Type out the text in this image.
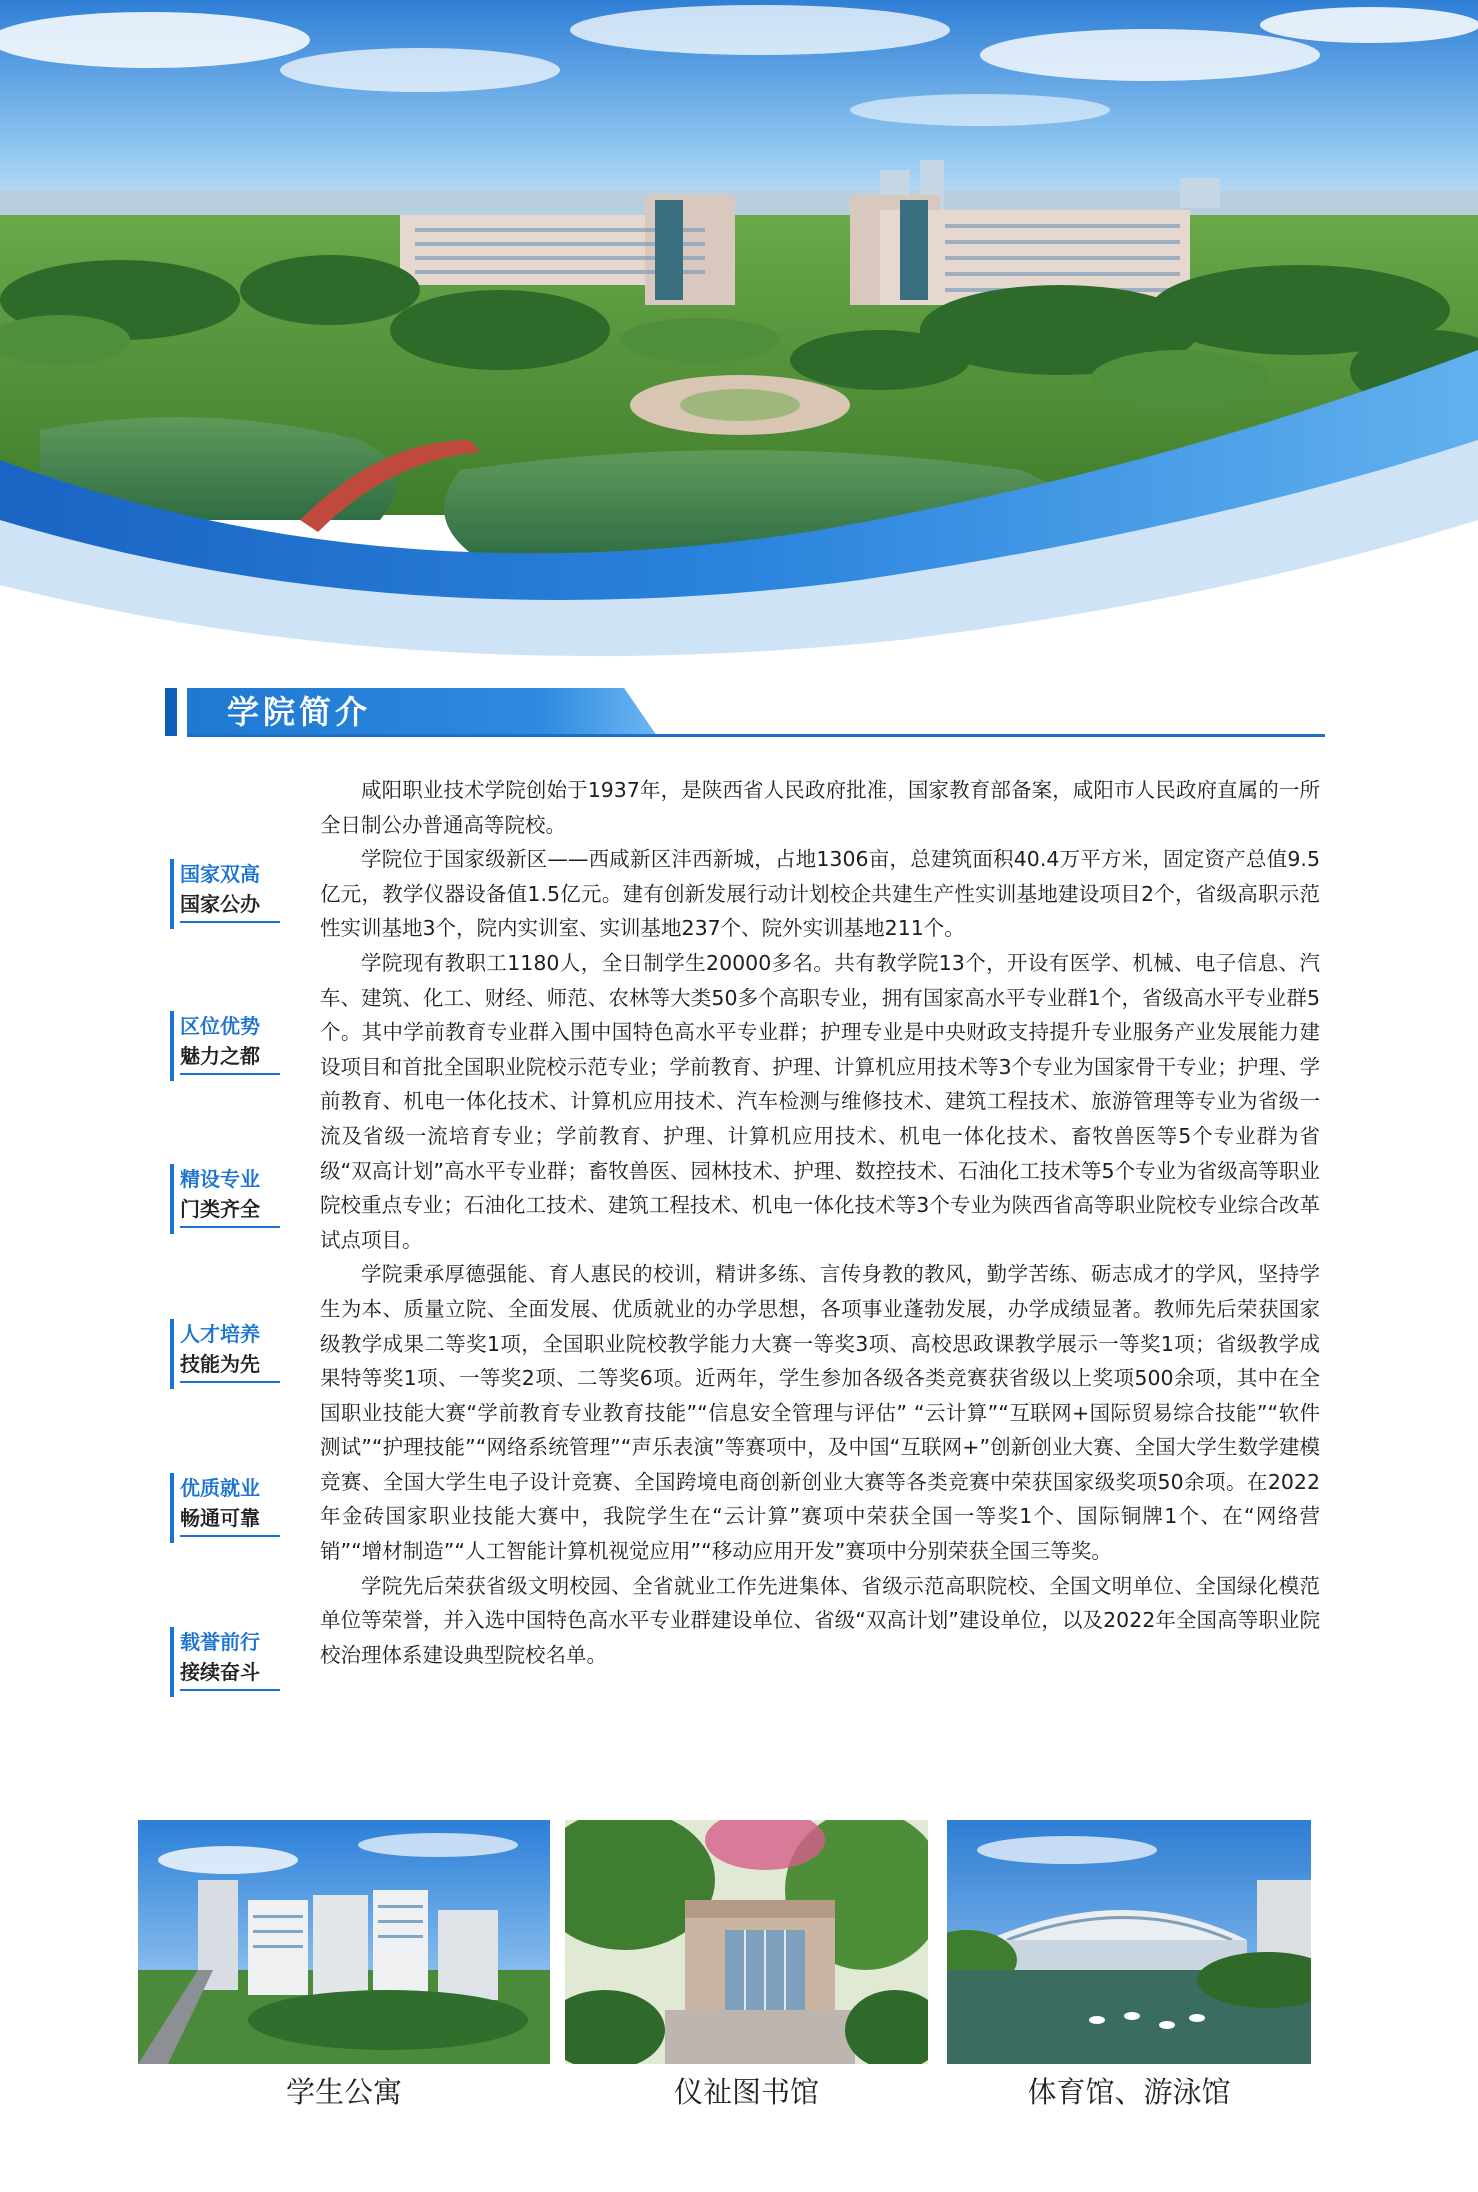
学院简介
国家双高
国家公办
区位优势
魅力之都
精设专业
门类齐全
人才培养
技能为先
优质就业
畅通可靠
载誉前行
接续奋斗

咸阳职业技术学院创始于1937年，是陕西省人民政府批准，国家教育部备案，咸阳市人民政府直属的一所全日制公办普通高等院校。

学院位于国家级新区——西咸新区沣西新城，占地1306亩，总建筑面积40.4万平方米，固定资产总值9.5亿元，教学仪器设备值1.5亿元。建有创新发展行动计划校企共建生产性实训基地建设项目2个，省级高职示范性实训基地3个，院内实训室、实训基地237个、院外实训基地211个。

学院现有教职工1180人，全日制学生20000多名。共有教学院13个，开设有医学、机械、电子信息、汽车、建筑、化工、财经、师范、农林等大类50多个高职专业，拥有国家高水平专业群1个，省级高水平专业群5个。其中学前教育专业群入围中国特色高水平专业群；护理专业是中央财政支持提升专业服务产业发展能力建设项目和首批全国职业院校示范专业；学前教育、护理、计算机应用技术等3个专业为国家骨干专业；护理、学前教育、机电一体化技术、计算机应用技术、汽车检测与维修技术、建筑工程技术、旅游管理等专业为省级一流及省级一流培育专业；学前教育、护理、计算机应用技术、机电一体化技术、畜牧兽医等5个专业群为省级“双高计划”高水平专业群；畜牧兽医、园林技术、护理、数控技术、石油化工技术等5个专业为省级高等职业院校重点专业；石油化工技术、建筑工程技术、机电一体化技术等3个专业为陕西省高等职业院校专业综合改革试点项目。

学院秉承厚德强能、育人惠民的校训，精讲多练、言传身教的教风，勤学苦练、砺志成才的学风，坚持学生为本、质量立院、全面发展、优质就业的办学思想，各项事业蓬勃发展，办学成绩显著。教师先后荣获国家级教学成果二等奖1项，全国职业院校教学能力大赛一等奖3项、高校思政课教学展示一等奖1项；省级教学成果特等奖1项、一等奖2项、二等奖6项。近两年，学生参加各级各类竞赛获省级以上奖项500余项，其中在全国职业技能大赛“学前教育专业教育技能”“信息安全管理与评估” “云计算”“互联网+国际贸易综合技能”“软件测试”“护理技能”“网络系统管理”“声乐表演”等赛项中，及中国“互联网+”创新创业大赛、全国大学生数学建模竞赛、全国大学生电子设计竞赛、全国跨境电商创新创业大赛等各类竞赛中荣获国家级奖项50余项。在2022年金砖国家职业技能大赛中，我院学生在“云计算”赛项中荣获全国一等奖1个、国际铜牌1个、在“网络营销”“增材制造”“人工智能计算机视觉应用”“移动应用开发”赛项中分别荣获全国三等奖。

学院先后荣获省级文明校园、全省就业工作先进集体、省级示范高职院校、全国文明单位、全国绿化模范单位等荣誉，并入选中国特色高水平专业群建设单位、省级“双高计划”建设单位，以及2022年全国高等职业院校治理体系建设典型院校名单。

学生公寓	仪祉图书馆	体育馆、游泳馆
